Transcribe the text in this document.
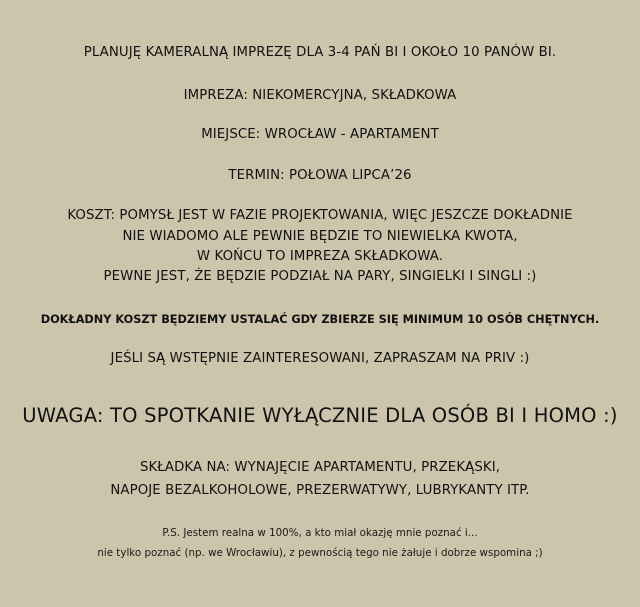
PLANUJĘ KAMERALNĄ IMPREZĘ DLA 3-4 PAŃ BI I OKOŁO 10 PANÓW BI.
IMPREZA: NIEKOMERCYJNA, SKŁADKOWA
MIEJSCE: WROCŁAW - APARTAMENT
TERMIN: POŁOWA LIPCA’26
KOSZT: POMYSŁ JEST W FAZIE PROJEKTOWANIA, WIĘC JESZCZE DOKŁADNIE
NIE WIADOMO ALE PEWNIE BĘDZIE TO NIEWIELKA KWOTA,
W KOŃCU TO IMPREZA SKŁADKOWA.
PEWNE JEST, ŻE BĘDZIE PODZIAŁ NA PARY, SINGIELKI I SINGLI :)
DOKŁADNY KOSZT BĘDZIEMY USTALAĆ GDY ZBIERZE SIĘ MINIMUM 10 OSÓB CHĘTNYCH.
JEŚLI SĄ WSTĘPNIE ZAINTERESOWANI, ZAPRASZAM NA PRIV :)
UWAGA: TO SPOTKANIE WYŁĄCZNIE DLA OSÓB BI I HOMO :)
SKŁADKA NA: WYNAJĘCIE APARTAMENTU, PRZEKĄSKI,
NAPOJE BEZALKOHOLOWE, PREZERWATYWY, LUBRYKANTY ITP.
P.S. Jestem realna w 100%, a kto miał okazję mnie poznać i...
nie tylko poznać (np. we Wrocławiu), z pewnością tego nie żałuje i dobrze wspomina ;)
